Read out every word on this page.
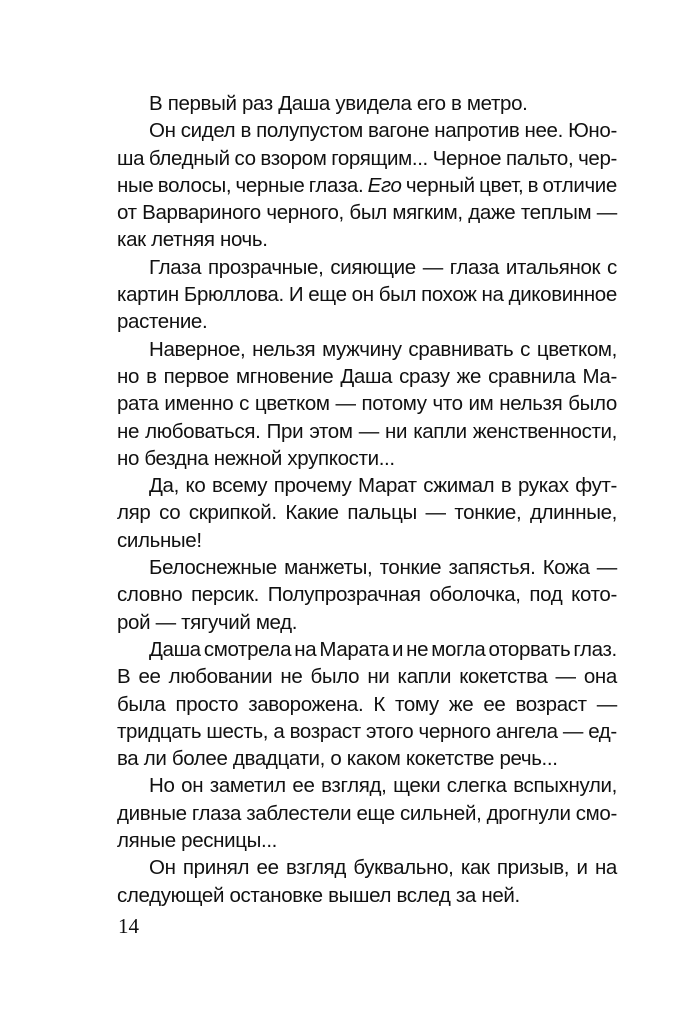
В первый раз Даша увидела его в метро.
Он сидел в полупустом вагоне напротив нее. Юно-
ша бледный со взором горящим... Черное пальто, чер-
ные волосы, черные глаза. Его черный цвет, в отличие
от Варвариного черного, был мягким, даже теплым —
как летняя ночь.
Глаза прозрачные, сияющие — глаза итальянок с
картин Брюллова. И еще он был похож на диковинное
растение.
Наверное, нельзя мужчину сравнивать с цветком,
но в первое мгновение Даша сразу же сравнила Ма-
рата именно с цветком — потому что им нельзя было
не любоваться. При этом — ни капли женственности,
но бездна нежной хрупкости...
Да, ко всему прочему Марат сжимал в руках фут-
ляр со скрипкой. Какие пальцы — тонкие, длинные,
сильные!
Белоснежные манжеты, тонкие запястья. Кожа —
словно персик. Полупрозрачная оболочка, под кото-
рой — тягучий мед.
Даша смотрела на Марата и не могла оторвать глаз.
В ее любовании не было ни капли кокетства — она
была просто заворожена. К тому же ее возраст —
тридцать шесть, а возраст этого черного ангела — ед-
ва ли более двадцати, о каком кокетстве речь...
Но он заметил ее взгляд, щеки слегка вспыхнули,
дивные глаза заблестели еще сильней, дрогнули смо-
ляные ресницы...
Он принял ее взгляд буквально, как призыв, и на
следующей остановке вышел вслед за ней.
14
